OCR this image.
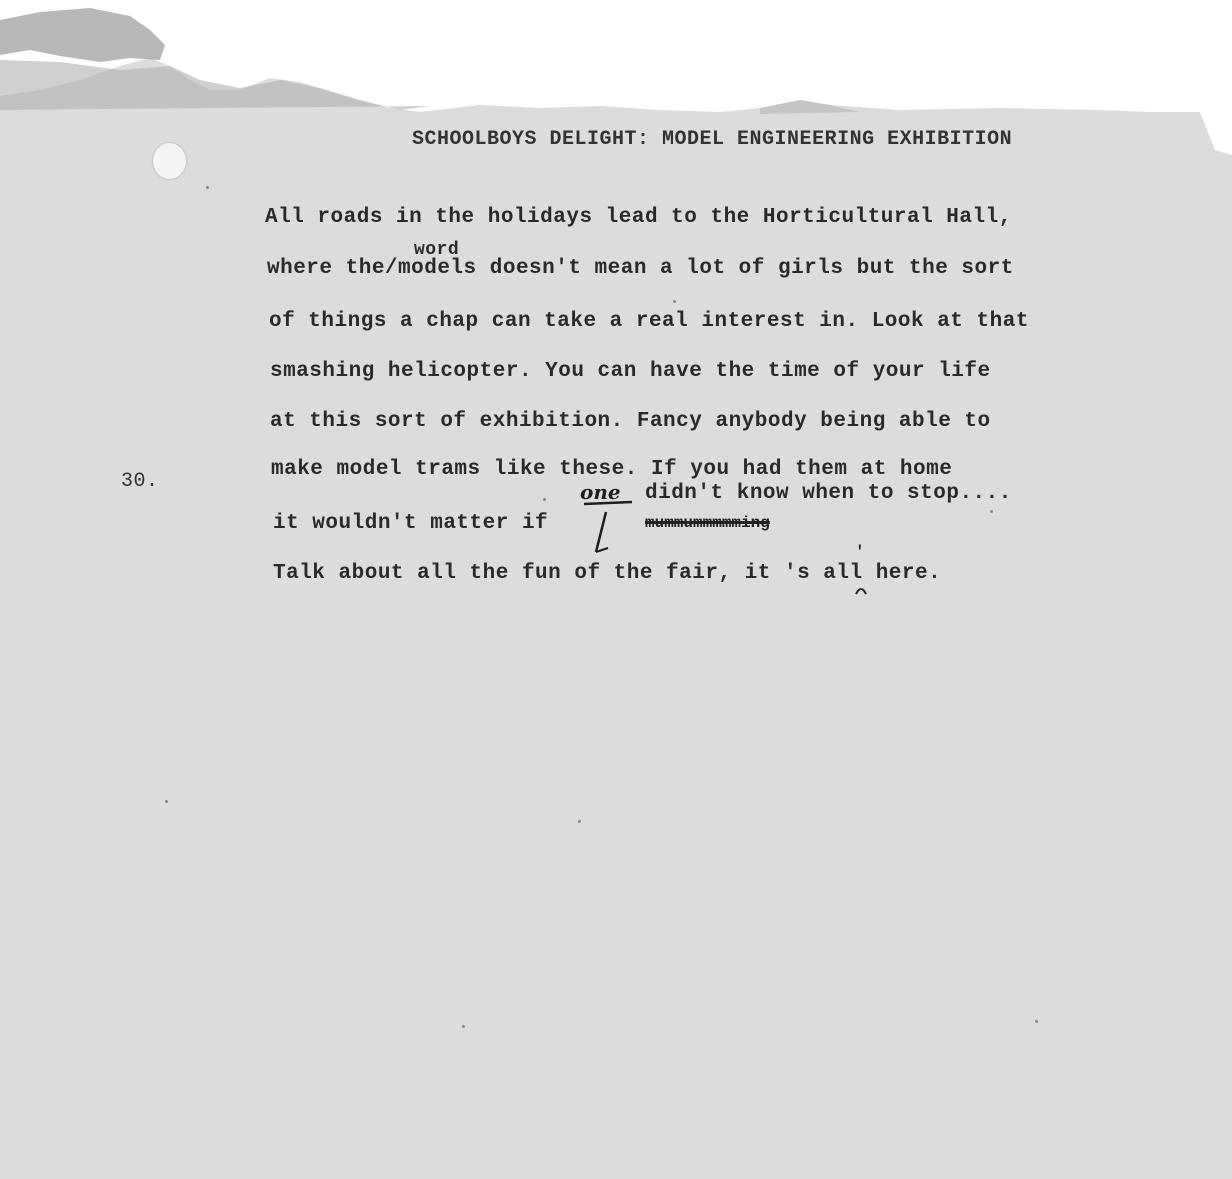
SCHOOLBOYS DELIGHT: MODEL ENGINEERING EXHIBITION
30.
All roads in the holidays lead to the Horticultural Hall,
word
where the/models doesn't mean a lot of girls but the sort
of things a chap can take a real interest in. Look at that
smashing helicopter. You can have the time of your life
at this sort of exhibition. Fancy anybody being able to
make model trams like these. If you had them at home
one didn't know when to stop....
it wouldn't matter if	mummummmmming
Talk about all the fun of the fair, it 's all here.
'
